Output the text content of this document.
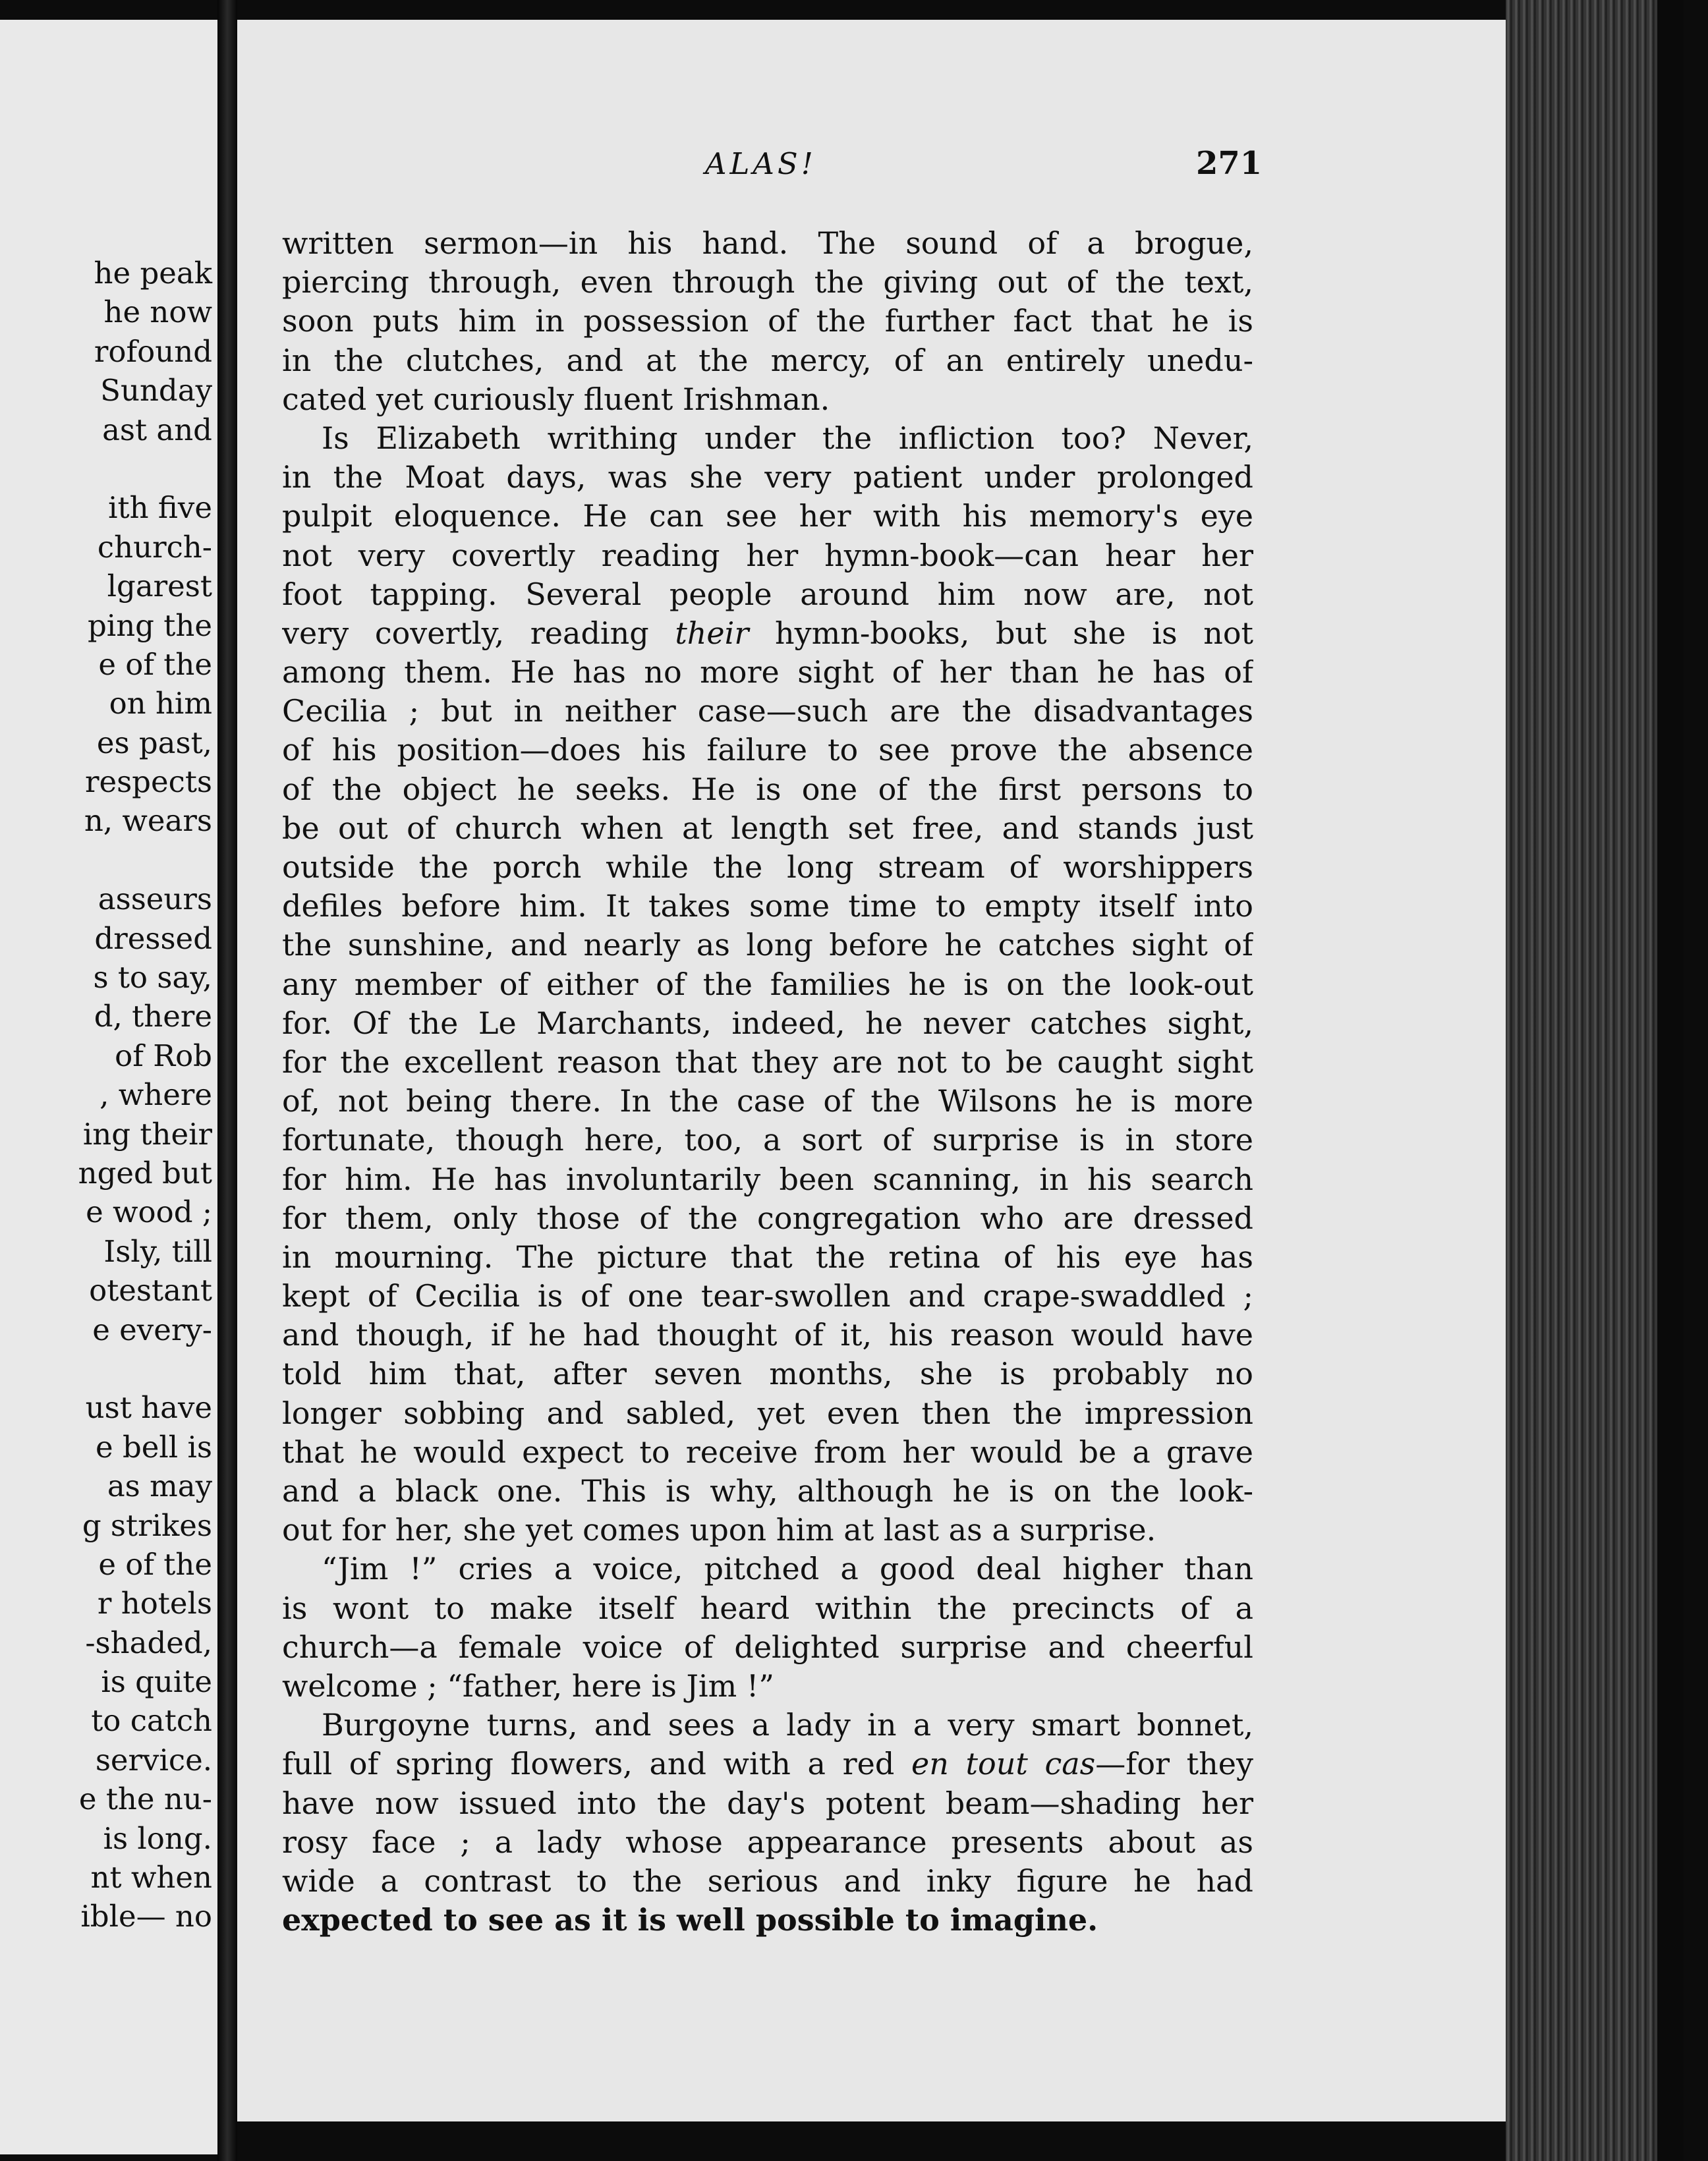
he peak
he now
rofound
Sunday
ast and
ith five
church-
lgarest
ping the
e of the
on him
es past,
respects
n, wears
asseurs
dressed
s to say,
d, there
of Rob
, where
ing their
nged but
e wood ;
Isly, till
otestant
e every-
ust have
e bell is
as may
g strikes
e of the
r hotels
-shaded,
is quite
to catch
service.
e the nu-
is long.
nt when
ible— no
ALAS!	271
written sermon—in his hand. The sound of a brogue,
piercing through, even through the giving out of the text,
soon puts him in possession of the further fact that he is
in the clutches, and at the mercy, of an entirely unedu-
cated yet curiously fluent Irishman.
Is Elizabeth writhing under the infliction too? Never,
in the Moat days, was she very patient under prolonged
pulpit eloquence. He can see her with his memory's eye
not very covertly reading her hymn-book—can hear her
foot tapping. Several people around him now are, not
very covertly, reading their hymn-books, but she is not
among them. He has no more sight of her than he has of
Cecilia ; but in neither case—such are the disadvantages
of his position—does his failure to see prove the absence
of the object he seeks. He is one of the first persons to
be out of church when at length set free, and stands just
outside the porch while the long stream of worshippers
defiles before him. It takes some time to empty itself into
the sunshine, and nearly as long before he catches sight of
any member of either of the families he is on the look-out
for. Of the Le Marchants, indeed, he never catches sight,
for the excellent reason that they are not to be caught sight
of, not being there. In the case of the Wilsons he is more
fortunate, though here, too, a sort of surprise is in store
for him. He has involuntarily been scanning, in his search
for them, only those of the congregation who are dressed
in mourning. The picture that the retina of his eye has
kept of Cecilia is of one tear-swollen and crape-swaddled ;
and though, if he had thought of it, his reason would have
told him that, after seven months, she is probably no
longer sobbing and sabled, yet even then the impression
that he would expect to receive from her would be a grave
and a black one. This is why, although he is on the look-
out for her, she yet comes upon him at last as a surprise.
“Jim !” cries a voice, pitched a good deal higher than
is wont to make itself heard within the precincts of a
church—a female voice of delighted surprise and cheerful
welcome ; “father, here is Jim !”
Burgoyne turns, and sees a lady in a very smart bonnet,
full of spring flowers, and with a red en tout cas—for they
have now issued into the day's potent beam—shading her
rosy face ; a lady whose appearance presents about as
wide a contrast to the serious and inky figure he had
expected to see as it is well possible to imagine.
